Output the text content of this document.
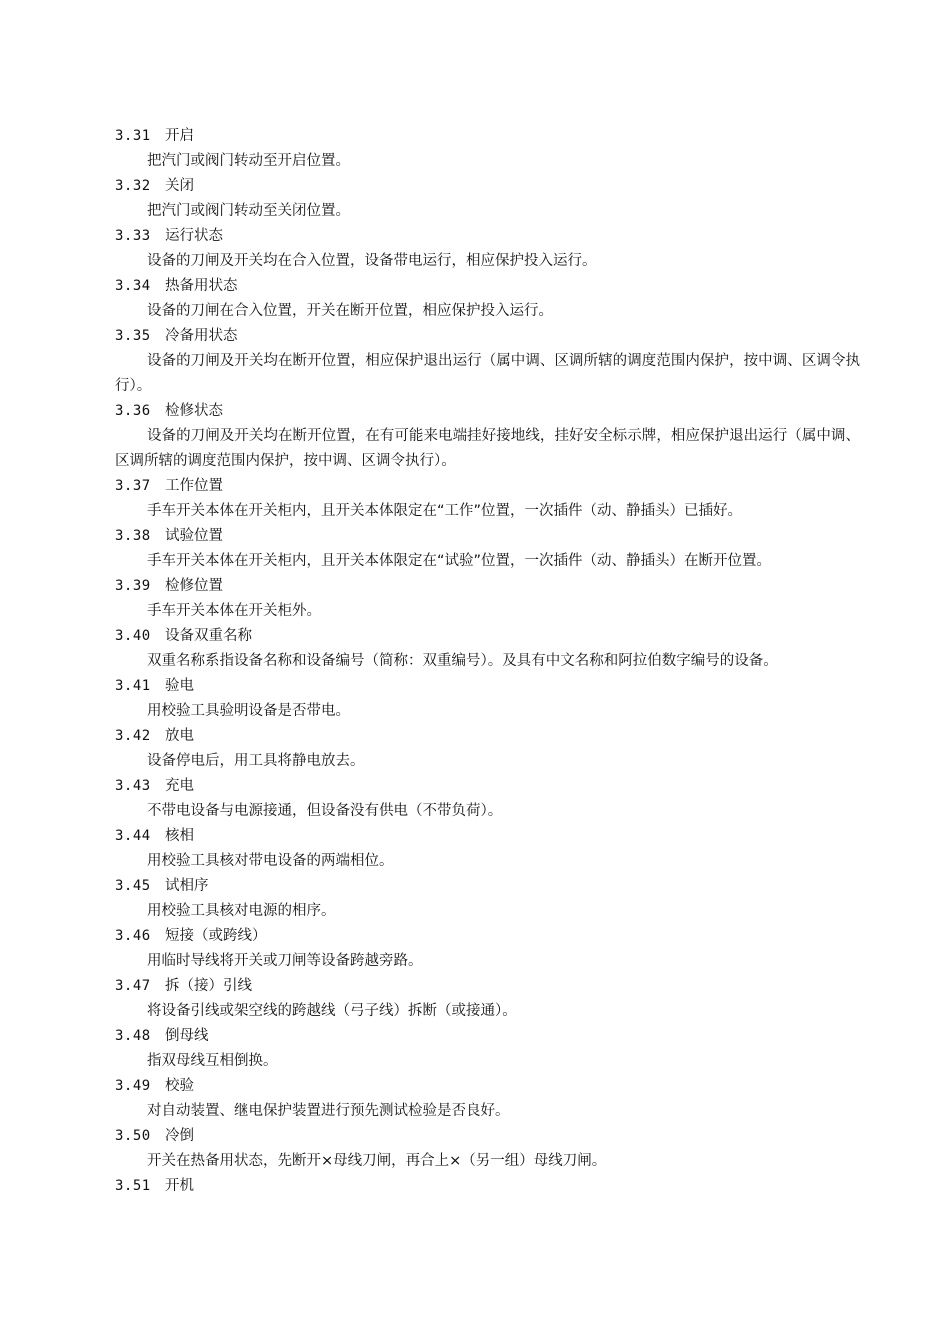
3.31 开启

把汽门或阀门转动至开启位置。

3.32 关闭

把汽门或阀门转动至关闭位置。

3.33 运行状态

设备的刀闸及开关均在合入位置，设备带电运行，相应保护投入运行。

3.34 热备用状态

设备的刀闸在合入位置，开关在断开位置，相应保护投入运行。

3.35 冷备用状态

设备的刀闸及开关均在断开位置，相应保护退出运行（属中调、区调所辖的调度范围内保护，按中调、区调令执行）。

3.36 检修状态

设备的刀闸及开关均在断开位置，在有可能来电端挂好接地线，挂好安全标示牌，相应保护退出运行（属中调、区调所辖的调度范围内保护，按中调、区调令执行）。

3.37 工作位置

手车开关本体在开关柜内，且开关本体限定在“工作”位置，一次插件（动、静插头）已插好。

3.38 试验位置

手车开关本体在开关柜内，且开关本体限定在“试验”位置，一次插件（动、静插头）在断开位置。

3.39 检修位置

手车开关本体在开关柜外。

3.40 设备双重名称

双重名称系指设备名称和设备编号（简称：双重编号）。及具有中文名称和阿拉伯数字编号的设备。

3.41 验电

用校验工具验明设备是否带电。

3.42 放电

设备停电后，用工具将静电放去。

3.43 充电

不带电设备与电源接通，但设备没有供电（不带负荷）。

3.44 核相

用校验工具核对带电设备的两端相位。

3.45 试相序

用校验工具核对电源的相序。

3.46 短接（或跨线）

用临时导线将开关或刀闸等设备跨越旁路。

3.47 拆（接）引线

将设备引线或架空线的跨越线（弓子线）拆断（或接通）。

3.48 倒母线

指双母线互相倒换。

3.49 校验

对自动装置、继电保护装置进行预先测试检验是否良好。

3.50 冷倒

开关在热备用状态，先断开×母线刀闸，再合上×（另一组）母线刀闸。

3.51 开机
